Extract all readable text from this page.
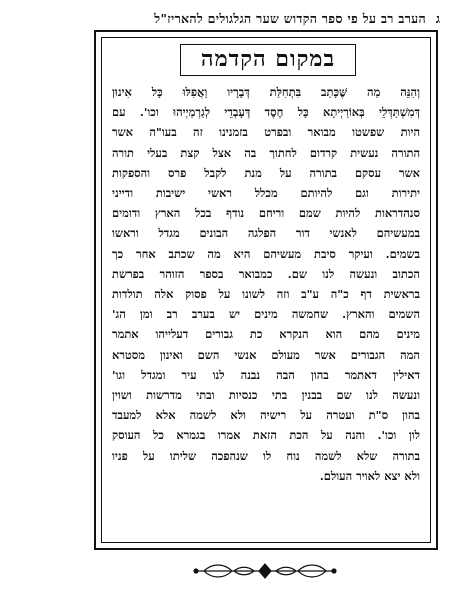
ג
הערב רב על פי ספר הקדוש שער הגלגולים להאריז"ל
במקום הקדמה
וְהִנֵּה מַה שֶּׁכָּתַב בִּתְחִלַּת דְּבָרָיו וַאֲפִלּוּ כָּל אִינוּן
דְּמִשְׁתַּדְּלֵי בְּאוֹרַיְיתָא כָּל חֶסֶד דְּעָבְדֵי לְגַרְמַיְיהוּ וכו'. עם
היות שפשטו מבואר ובפרט בזמנינו זה בעו"ה אשר
התורה נעשית קרדום לחתוך בה אצל קצת בעלי תורה
אשר עסקם בתורה על מנת לקבל פרס והספקות
יתירות וגם להיותם מכלל ראשי ישיבות ודייני
סנהדראות להיות שמם וריחם נודף בכל הארץ ודומים
במעשיהם לאנשי דור הפלגה הבונים מגדל וראשו
בשמים. ועיקר סיבת מעשיהם היא מה שכתב אחר כך
הכתוב ונעשה לנו שם. כמבואר בספר הזוהר בפרשת
בראשית דף כ"ה ע"ב וזה לשונו על פסוק אלה תולדות
השמים והארץ. שחמשה מינים יש בערב רב ומן הג'
מינים מהם הוא הנקרא כת גבורים דעלייהו אתמר
המה הגבורים אשר מעולם אנשי השם ואינון מסטרא
דאילין דאתמר בהון הבה נבנה לנו עיר ומגדל וגו'
ונעשה לנו שם בבנין בתי כנסיות ובתי מדרשות ושוין
בהון ס"ת ועטרה על רישיה ולא לשמה אלא למעבד
לון וכו'. והנה על הכת הזאת אמרו בגמרא כל העוסק
בתורה שלא לשמה נוח לו שנהפכה שליתו על פניו
ולא יצא לאויר העולם.
